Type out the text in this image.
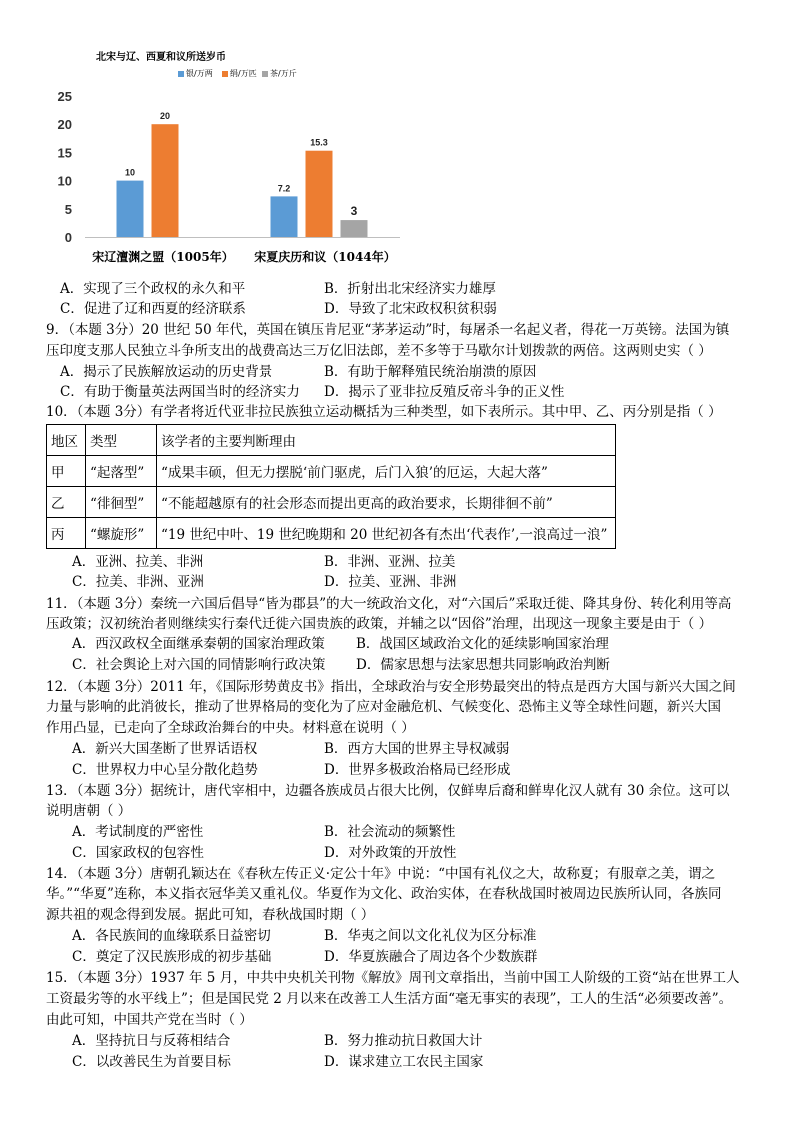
北宋与辽、西夏和议所送岁币
银/万两	绢/万匹	茶/万斤
0
5
10
15
20
25
10
20
宋辽澶渊之盟（1005年）
7.2
15.3
3
宋夏庆历和议（1044年）
A．实现了三个政权的永久和平	B．折射出北宋经济实力雄厚
C．促进了辽和西夏的经济联系	D．导致了北宋政权积贫积弱
9．（本题 3分）20 世纪 50 年代，英国在镇压肯尼亚“茅茅运动”时，每屠杀一名起义者，得花一万英镑。法国为镇
压印度支那人民独立斗争所支出的战费高达三万亿旧法郎，差不多等于马歇尔计划拨款的两倍。这两则史实（ ）
A．揭示了民族解放运动的历史背景	B．有助于解释殖民统治崩溃的原因
C．有助于衡量英法两国当时的经济实力 D．揭示了亚非拉反殖反帝斗争的正义性
10．（本题 3分）有学者将近代亚非拉民族独立运动概括为三种类型，如下表所示。其中甲、乙、丙分别是指（ ）
地区	类型	该学者的主要判断理由
甲	“起落型”	“成果丰硕，但无力摆脱‘前门驱虎，后门入狼’的厄运，大起大落”
乙	“徘徊型”	“不能超越原有的社会形态而提出更高的政治要求，长期徘徊不前”
丙	“螺旋形”	“19 世纪中叶、19 世纪晚期和 20 世纪初各有杰出‘代表作’,一浪高过一浪”
A．亚洲、拉美、非洲	B．非洲、亚洲、拉美
C．拉美、非洲、亚洲	D．拉美、亚洲、非洲
11．（本题 3分）秦统一六国后倡导“皆为郡县”的大一统政治文化，对“六国后”采取迁徙、降其身份、转化利用等高
压政策；汉初统治者则继续实行秦代迁徙六国贵族的政策，并辅之以“因俗”治理，出现这一现象主要是由于（ ）
A．西汉政权全面继承秦朝的国家治理政策 B．战国区域政治文化的延续影响国家治理
C．社会舆论上对六国的同情影响行政决策 D．儒家思想与法家思想共同影响政治判断
12．（本题 3分）2011 年，《国际形势黄皮书》指出，全球政治与安全形势最突出的特点是西方大国与新兴大国之间
力量与影响的此消彼长，推动了世界格局的变化为了应对金融危机、气候变化、恐怖主义等全球性问题，新兴大国
作用凸显，已走向了全球政治舞台的中央。材料意在说明（ ）
A．新兴大国垄断了世界话语权	B．西方大国的世界主导权减弱
C．世界权力中心呈分散化趋势	D．世界多极政治格局已经形成
13．（本题 3分）据统计，唐代宰相中，边疆各族成员占很大比例，仅鲜卑后裔和鲜卑化汉人就有 30 余位。这可以
说明唐朝（ ）
A．考试制度的严密性	B．社会流动的频繁性
C．国家政权的包容性	D．对外政策的开放性
14．（本题 3分）唐朝孔颖达在《春秋左传正义·定公十年》中说：“中国有礼仪之大，故称夏；有服章之美，谓之
华。”“华夏”连称，本义指衣冠华美又重礼仪。华夏作为文化、政治实体，在春秋战国时被周边民族所认同，各族同
源共祖的观念得到发展。据此可知，春秋战国时期（ ）
A．各民族间的血缘联系日益密切	B．华夷之间以文化礼仪为区分标准
C．奠定了汉民族形成的初步基础	D．华夏族融合了周边各个少数族群
15．（本题 3分）1937 年 5 月，中共中央机关刊物《解放》周刊文章指出，当前中国工人阶级的工资“站在世界工人
工资最劣等的水平线上”；但是国民党 2 月以来在改善工人生活方面“毫无事实的表现”，工人的生活“必须要改善”。
由此可知，中国共产党在当时（ ）
A．坚持抗日与反蒋相结合	B．努力推动抗日救国大计
C．以改善民生为首要目标	D．谋求建立工农民主国家
